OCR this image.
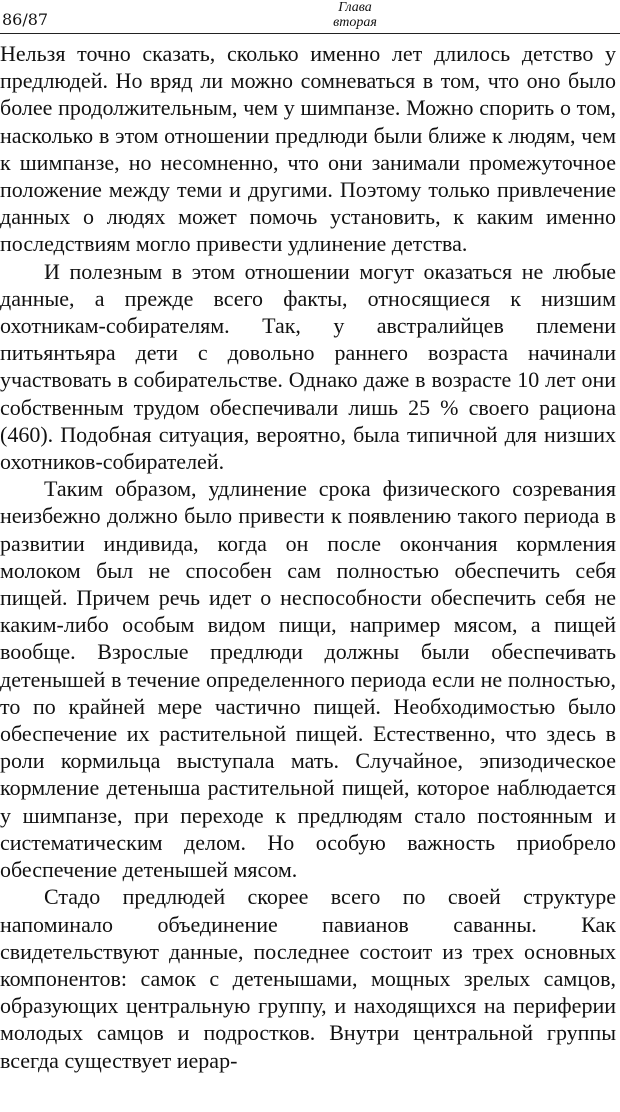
86/87
Глава
вторая

Нельзя точно сказать, сколько именно лет длилось детство у предлюдей. Но вряд ли можно сомневаться в том, что оно было более продолжительным, чем у шимпанзе. Можно спорить о том, насколько в этом отношении предлюди были ближе к людям, чем к шимпанзе, но несомненно, что они занимали промежуточное положение между теми и другими. Поэтому только привлечение данных о людях может помочь установить, к каким именно последствиям могло привести удлинение детства.

И полезным в этом отношении могут оказаться не любые данные, а прежде всего факты, относящиеся к низшим охотникам-собирателям. Так, у австралийцев племени питьянтьяра дети с довольно раннего возраста начинали участвовать в собирательстве. Однако даже в возрасте 10 лет они собственным трудом обеспечивали лишь 25 % своего рациона (460). Подобная ситуация, вероятно, была типичной для низших охотников-собирателей.

Таким образом, удлинение срока физического созревания неизбежно должно было привести к появлению такого периода в развитии индивида, когда он после окончания кормления молоком был не способен сам полностью обеспечить себя пищей. Причем речь идет о неспособности обеспечить себя не каким-либо особым видом пищи, например мясом, а пищей вообще. Взрослые предлюди должны были обеспечивать детенышей в течение определенного периода если не полностью, то по крайней мере частично пищей. Необходимостью было обеспечение их растительной пищей. Естественно, что здесь в роли кормильца выступала мать. Случайное, эпизодическое кормление детеныша растительной пищей, которое наблюдается у шимпанзе, при переходе к предлюдям стало постоянным и систематическим делом. Но особую важность приобрело обеспечение детенышей мясом.

Стадо предлюдей скорее всего по своей структуре напоминало объединение павианов саванны. Как свидетельствуют данные, последнее состоит из трех основных компонентов: самок с детенышами, мощных зрелых самцов, образующих центральную группу, и находящихся на периферии молодых самцов и подростков. Внутри центральной группы всегда существует иерар-
